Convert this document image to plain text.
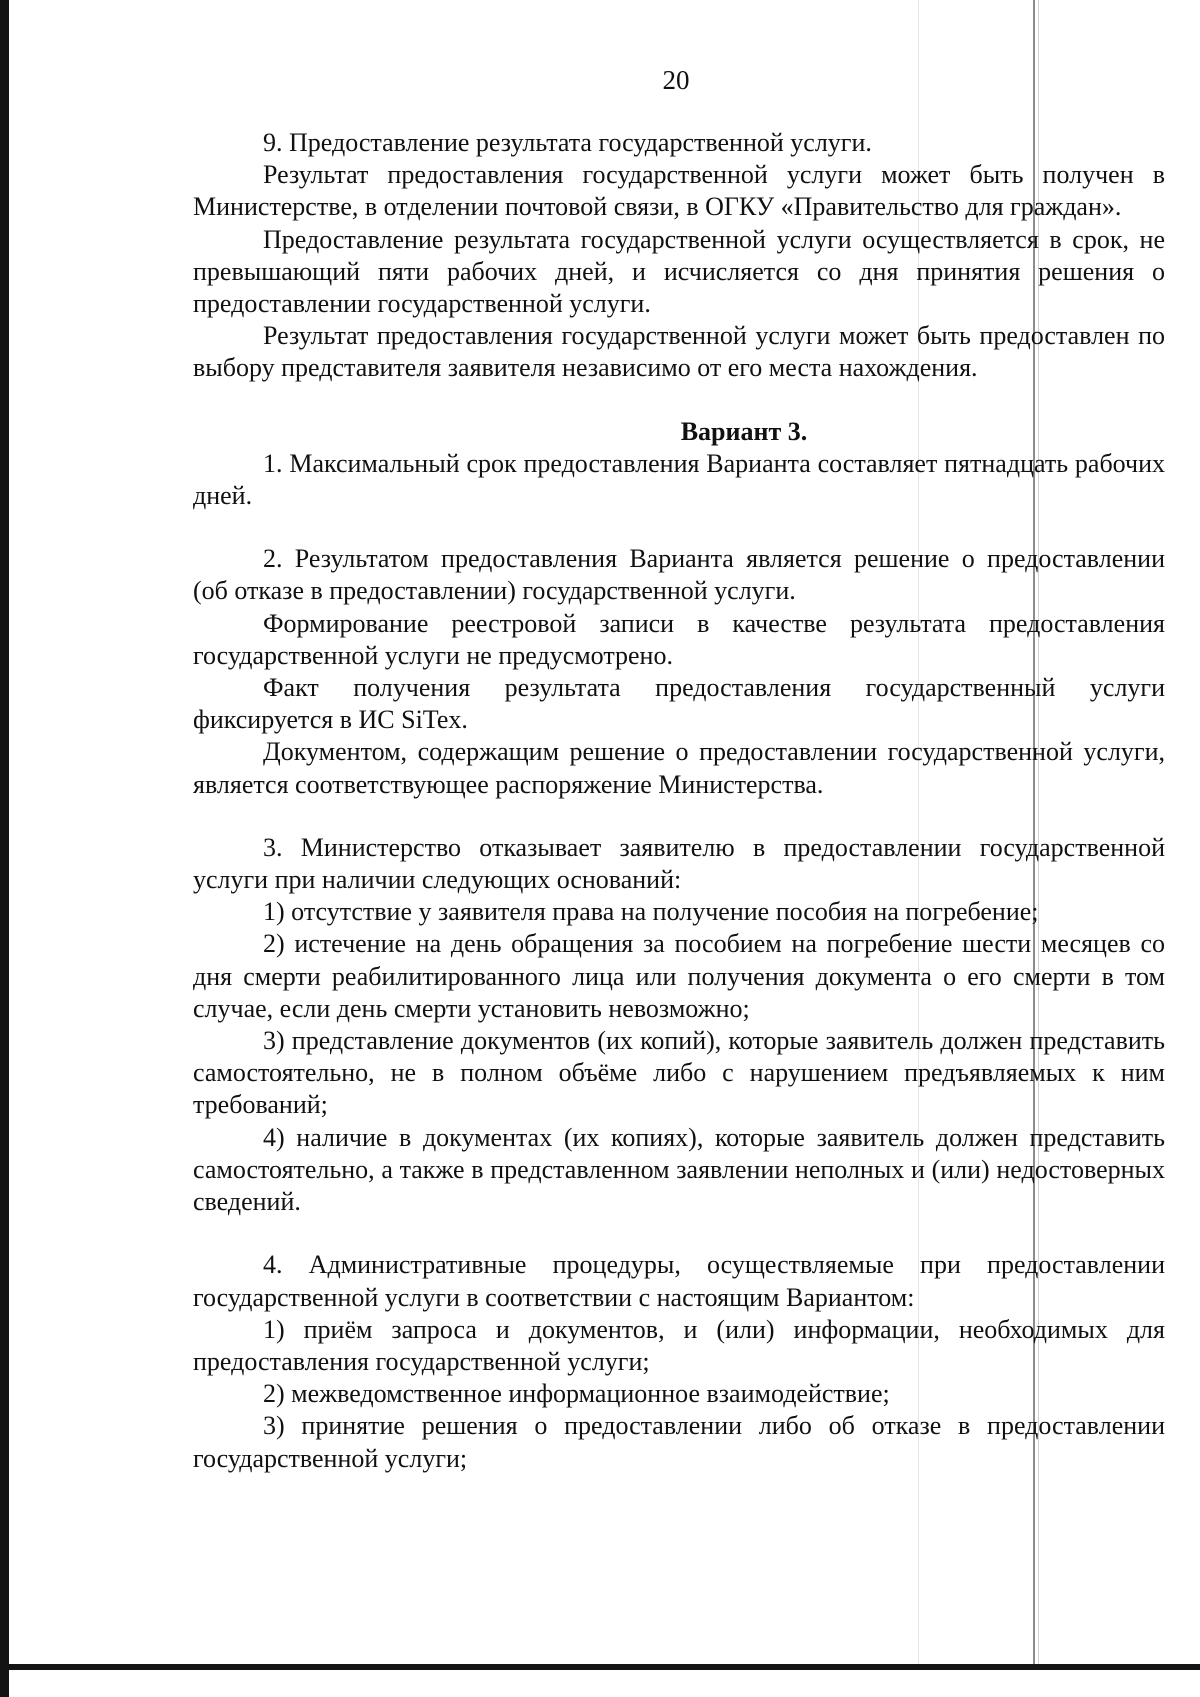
20

9. Предоставление результата государственной услуги.

Результат предоставления государственной услуги может быть получен в Министерстве, в отделении почтовой связи, в ОГКУ «Правительство для граждан».

Предоставление результата государственной услуги осуществляется в срок, не превышающий пяти рабочих дней, и исчисляется со дня принятия решения о предоставлении государственной услуги.

Результат предоставления государственной услуги может быть предоставлен по выбору представителя заявителя независимо от его места нахождения.

Вариант 3.

1. Максимальный срок предоставления Варианта составляет пятнадцать рабочих дней.

2. Результатом предоставления Варианта является решение о предоставлении (об отказе в предоставлении) государственной услуги.

Формирование реестровой записи в качестве результата предоставления государственной услуги не предусмотрено.

Факт получения результата предоставления государственный услуги фиксируется в ИС SiTex.

Документом, содержащим решение о предоставлении государственной услуги, является соответствующее распоряжение Министерства.

3. Министерство отказывает заявителю в предоставлении государственной услуги при наличии следующих оснований:

1) отсутствие у заявителя права на получение пособия на погребение;

2) истечение на день обращения за пособием на погребение шести месяцев со дня смерти реабилитированного лица или получения документа о его смерти в том случае, если день смерти установить невозможно;

3) представление документов (их копий), которые заявитель должен представить самостоятельно, не в полном объёме либо с нарушением предъявляемых к ним требований;

4) наличие в документах (их копиях), которые заявитель должен представить самостоятельно, а также в представленном заявлении неполных и (или) недостоверных сведений.

4. Административные процедуры, осуществляемые при предоставлении государственной услуги в соответствии с настоящим Вариантом:

1) приём запроса и документов, и (или) информации, необходимых для предоставления государственной услуги;

2) межведомственное информационное взаимодействие;

3) принятие решения о предоставлении либо об отказе в предоставлении государственной услуги;
